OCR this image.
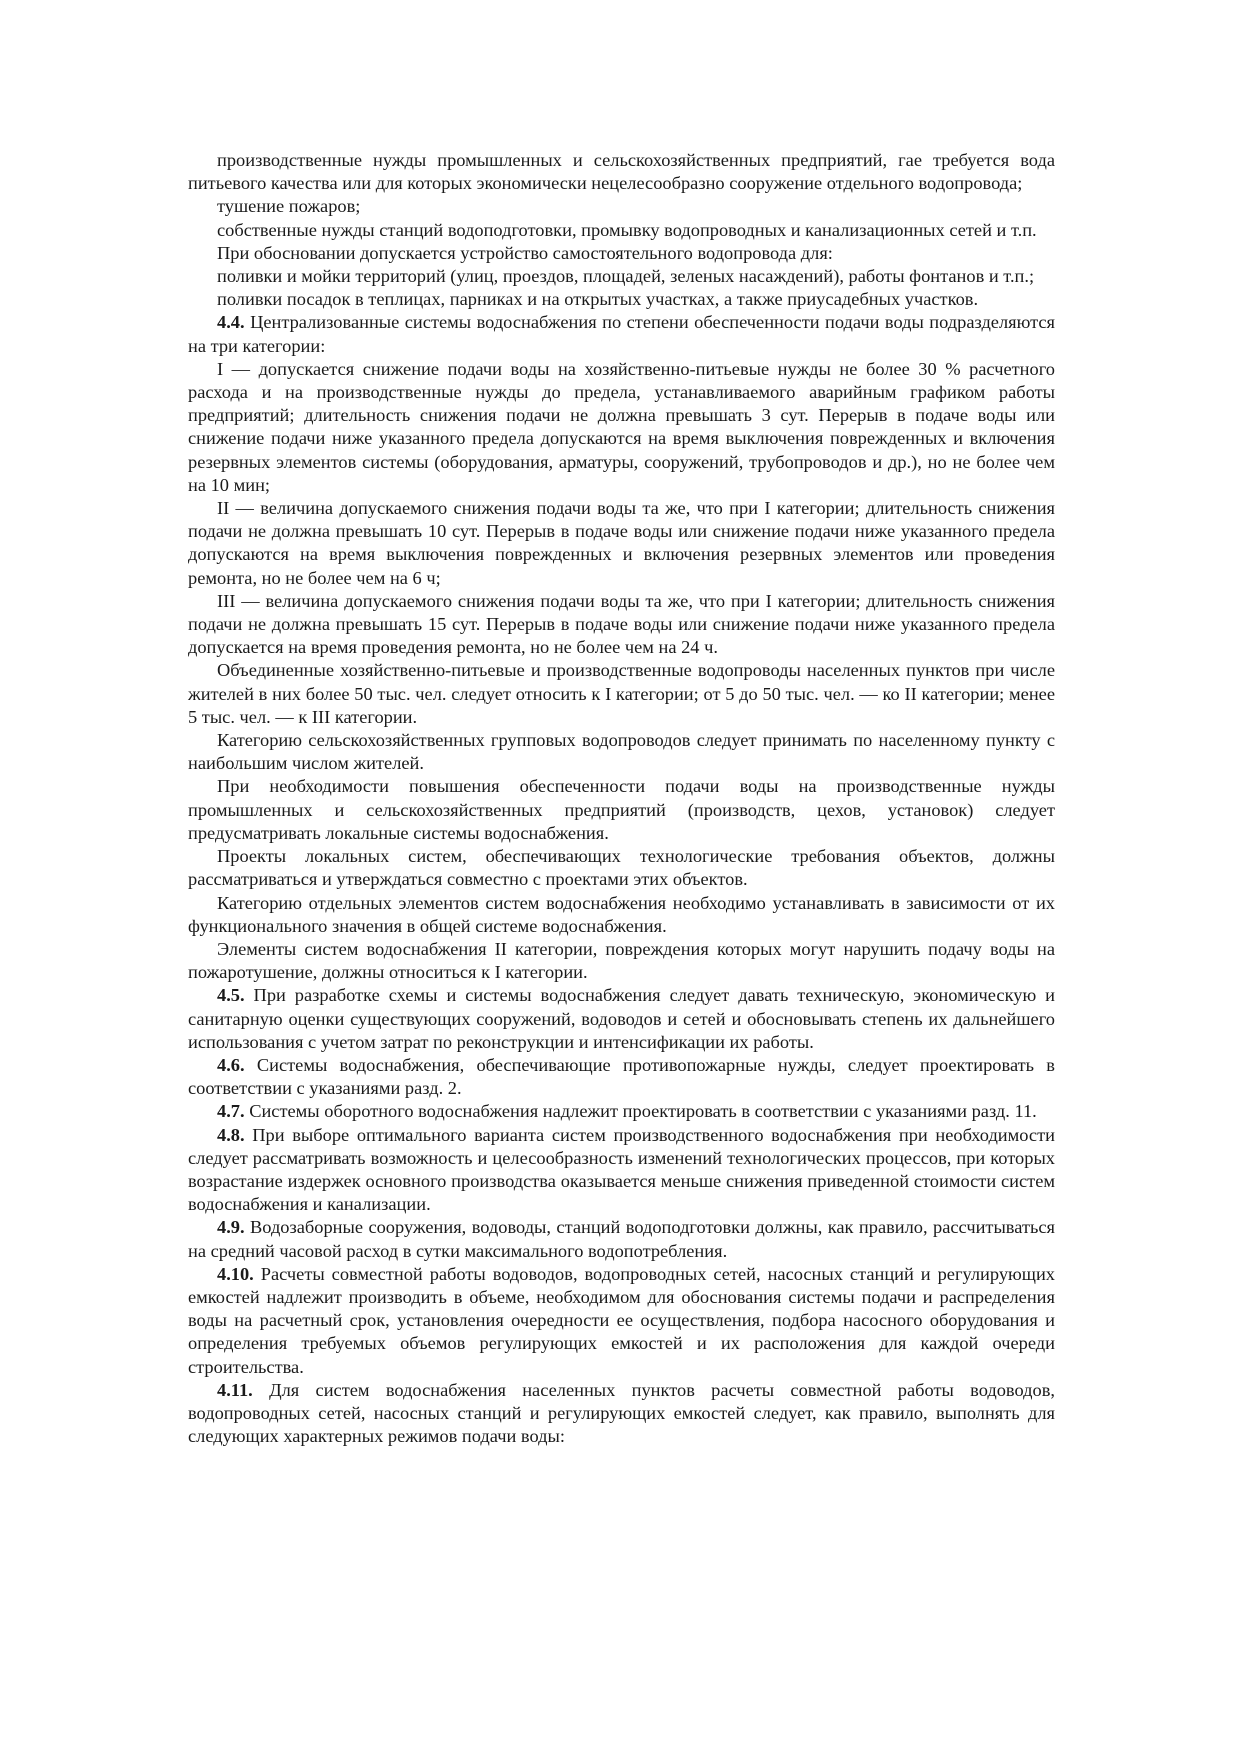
производственные нужды промышленных и сельскохозяйственных предприятий, гае требуется вода питьевого качества или для которых экономически нецелесообразно сооружение отдельного водопровода;

тушение пожаров;

собственные нужды станций водоподготовки, промывку водопроводных и канализационных сетей и т.п.

При обосновании допускается устройство самостоятельного водопровода для:

поливки и мойки территорий (улиц, проездов, площадей, зеленых насаждений), работы фонтанов и т.п.;

поливки посадок в теплицах, парниках и на открытых участках, а также приусадебных участков.

4.4. Централизованные системы водоснабжения по степени обеспеченности подачи воды подразделяются на три категории:

I — допускается снижение подачи воды на хозяйственно-питьевые нужды не более 30 % расчетного расхода и на производственные нужды до предела, устанавливаемого аварийным графиком работы предприятий; длительность снижения подачи не должна превышать 3 сут. Перерыв в подаче воды или снижение подачи ниже указанного предела допускаются на время выключения поврежденных и включения резервных элементов системы (оборудования, арматуры, сооружений, трубопроводов и др.), но не более чем на 10 мин;

II — величина допускаемого снижения подачи воды та же, что при I категории; длительность снижения подачи не должна превышать 10 сут. Перерыв в подаче воды или снижение подачи ниже указанного предела допускаются на время выключения поврежденных и включения резервных элементов или проведения ремонта, но не более чем на 6 ч;

III — величина допускаемого снижения подачи воды та же, что при I категории; длительность снижения подачи не должна превышать 15 сут. Перерыв в подаче воды или снижение подачи ниже указанного предела допускается на время проведения ремонта, но не более чем на 24 ч.

Объединенные хозяйственно-питьевые и производственные водопроводы населенных пунктов при числе жителей в них более 50 тыс. чел. следует относить к I категории; от 5 до 50 тыс. чел. — ко II категории; менее 5 тыс. чел. — к III категории.

Категорию сельскохозяйственных групповых водопроводов следует принимать по населенному пункту с наибольшим числом жителей.

При необходимости повышения обеспеченности подачи воды на производственные нужды промышленных и сельскохозяйственных предприятий (производств, цехов, установок) следует предусматривать локальные системы водоснабжения.

Проекты локальных систем, обеспечивающих технологические требования объектов, должны рассматриваться и утверждаться совместно с проектами этих объектов.

Категорию отдельных элементов систем водоснабжения необходимо устанавливать в зависимости от их функционального значения в общей системе водоснабжения.

Элементы систем водоснабжения II категории, повреждения которых могут нарушить подачу воды на пожаротушение, должны относиться к I категории.

4.5. При разработке схемы и системы водоснабжения следует давать техническую, экономическую и санитарную оценки существующих сооружений, водоводов и сетей и обосновывать степень их дальнейшего использования с учетом затрат по реконструкции и интенсификации их работы.

4.6. Системы водоснабжения, обеспечивающие противопожарные нужды, следует проектировать в соответствии с указаниями разд. 2.

4.7. Системы оборотного водоснабжения надлежит проектировать в соответствии с указаниями разд. 11.

4.8. При выборе оптимального варианта систем производственного водоснабжения при необходимости следует рассматривать возможность и целесообразность изменений технологических процессов, при которых возрастание издержек основного производства оказывается меньше снижения приведенной стоимости систем водоснабжения и канализации.

4.9. Водозаборные сооружения, водоводы, станций водоподготовки должны, как правило, рассчитываться на средний часовой расход в сутки максимального водопотребления.

4.10. Расчеты совместной работы водоводов, водопроводных сетей, насосных станций и регулирующих емкостей надлежит производить в объеме, необходимом для обоснования системы подачи и распределения воды на расчетный срок, установления очередности ее осуществления, подбора насосного оборудования и определения требуемых объемов регулирующих емкостей и их расположения для каждой очереди строительства.

4.11. Для систем водоснабжения населенных пунктов расчеты совместной работы водоводов, водопроводных сетей, насосных станций и регулирующих емкостей следует, как правило, выполнять для следующих характерных режимов подачи воды:
